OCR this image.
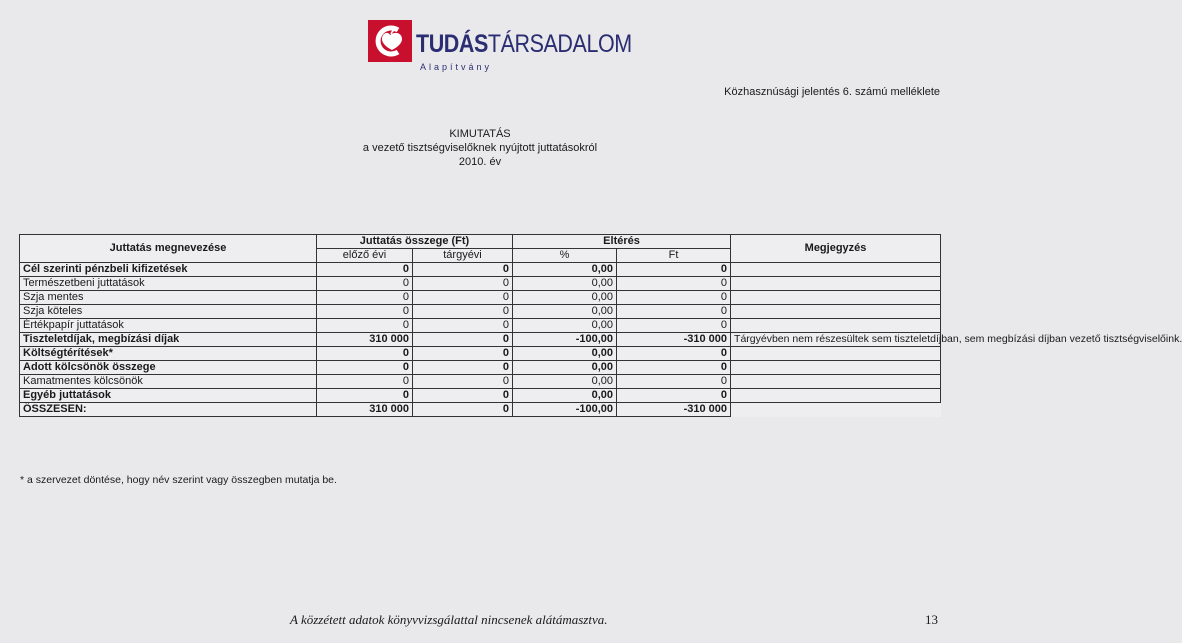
TUDÁSTÁRSADALOM
Alapítvány
Közhasznúsági jelentés 6. számú melléklete
KIMUTATÁS
a vezető tisztségviselőknek nyújtott juttatásokról
2010. év
Juttatás megnevezése	Juttatás összege (Ft)		Eltérés		Megjegyzés
	előző évi	tárgyévi	%	Ft	
Cél szerinti pénzbeli kifizetések	0	0	0,00	0	
Természetbeni juttatások	0	0	0,00	0	
Szja mentes	0	0	0,00	0	
Szja köteles	0	0	0,00	0	
Értékpapír juttatások	0	0	0,00	0	
Tiszteletdíjak, megbízási díjak	310 000	0	-100,00	-310 000	Tárgyévben nem részesültek sem tiszteletdíjban, sem megbízási díjban vezető tisztségviselőink.
Költségtérítések*	0	0	0,00	0	
Adott kölcsönök összege	0	0	0,00	0	
Kamatmentes kölcsönök	0	0	0,00	0	
Egyéb juttatások	0	0	0,00	0	
ÖSSZESEN:	310 000	0	-100,00	-310 000	
* a szervezet döntése, hogy név szerint vagy összegben mutatja be.
A közzétett adatok könyvvizsgálattal nincsenek alátámasztva.	13
